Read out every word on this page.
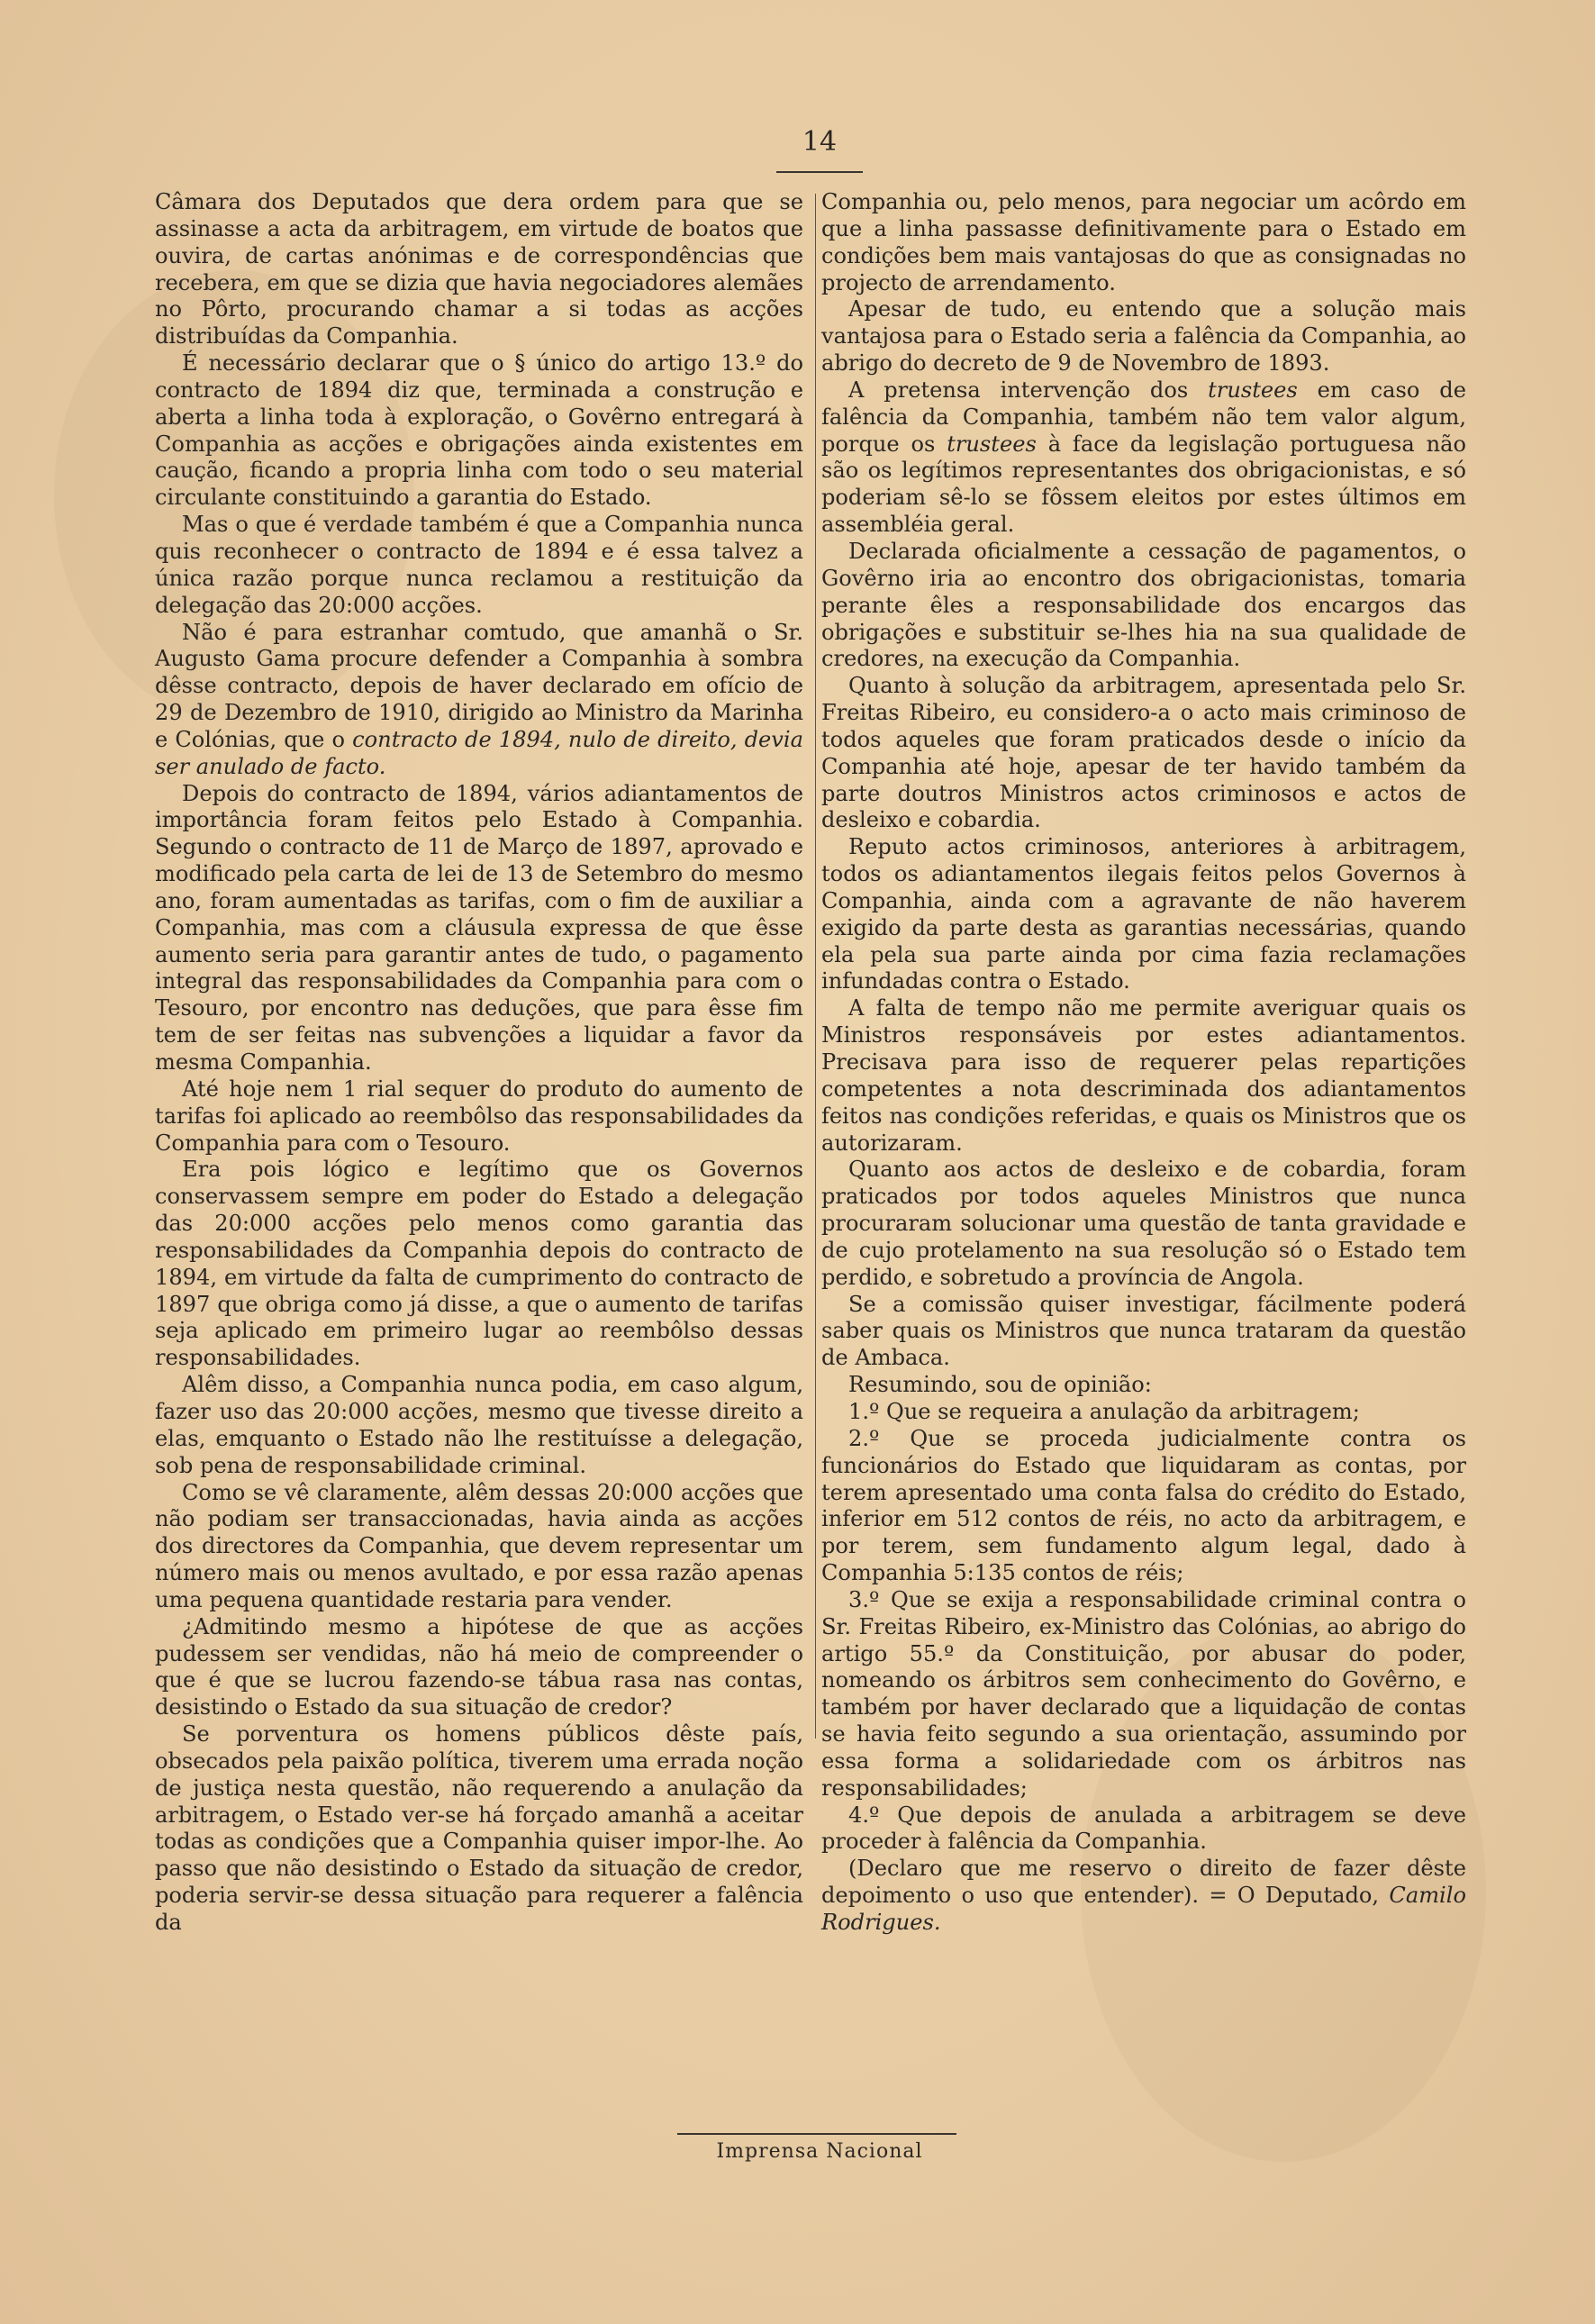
14

Câmara dos Deputados que dera ordem para que se assinasse a acta da arbitragem, em virtude de boatos que ouvira, de cartas anónimas e de correspondências que recebera, em que se dizia que havia negociadores alemães no Pôrto, procurando chamar a si todas as acções distribuídas da Companhia.

É necessário declarar que o § único do artigo 13.º do contracto de 1894 diz que, terminada a construção e aberta a linha toda à exploração, o Govêrno entregará à Companhia as acções e obrigações ainda existentes em caução, ficando a propria linha com todo o seu material circulante constituindo a garantia do Estado.

Mas o que é verdade também é que a Companhia nunca quis reconhecer o contracto de 1894 e é essa talvez a única razão porque nunca reclamou a restituição da delegação das 20:000 acções.

Não é para estranhar comtudo, que amanhã o Sr. Augusto Gama procure defender a Companhia à sombra dêsse contracto, depois de haver declarado em ofício de 29 de Dezembro de 1910, dirigido ao Ministro da Marinha e Colónias, que o contracto de 1894, nulo de direito, devia ser anulado de facto.

Depois do contracto de 1894, vários adiantamentos de importância foram feitos pelo Estado à Companhia. Segundo o contracto de 11 de Março de 1897, aprovado e modificado pela carta de lei de 13 de Setembro do mesmo ano, foram aumentadas as tarifas, com o fim de auxiliar a Companhia, mas com a cláusula expressa de que êsse aumento seria para garantir antes de tudo, o pagamento integral das responsabilidades da Companhia para com o Tesouro, por encontro nas deduções, que para êsse fim tem de ser feitas nas subvenções a liquidar a favor da mesma Companhia.

Até hoje nem 1 rial sequer do produto do aumento de tarifas foi aplicado ao reembôlso das responsabilidades da Companhia para com o Tesouro.

Era pois lógico e legítimo que os Governos conservassem sempre em poder do Estado a delegação das 20:000 acções pelo menos como garantia das responsabilidades da Companhia depois do contracto de 1894, em virtude da falta de cumprimento do contracto de 1897 que obriga como já disse, a que o aumento de tarifas seja aplicado em primeiro lugar ao reembôlso dessas responsabilidades.

Alêm disso, a Companhia nunca podia, em caso algum, fazer uso das 20:000 acções, mesmo que tivesse direito a elas, emquanto o Estado não lhe restituísse a delegação, sob pena de responsabilidade criminal.

Como se vê claramente, alêm dessas 20:000 acções que não podiam ser transaccionadas, havia ainda as acções dos directores da Companhia, que devem representar um número mais ou menos avultado, e por essa razão apenas uma pequena quantidade restaria para vender.

¿Admitindo mesmo a hipótese de que as acções pudessem ser vendidas, não há meio de compreender o que é que se lucrou fazendo-se tábua rasa nas contas, desistindo o Estado da sua situação de credor?

Se porventura os homens públicos dêste país, obsecados pela paixão política, tiverem uma errada noção de justiça nesta questão, não requerendo a anulação da arbitragem, o Estado ver-se há forçado amanhã a aceitar todas as condições que a Companhia quiser impor-lhe. Ao passo que não desistindo o Estado da situação de credor, poderia servir-se dessa situação para requerer a falência da

Companhia ou, pelo menos, para negociar um acôrdo em que a linha passasse definitivamente para o Estado em condições bem mais vantajosas do que as consignadas no projecto de arrendamento.

Apesar de tudo, eu entendo que a solução mais vantajosa para o Estado seria a falência da Companhia, ao abrigo do decreto de 9 de Novembro de 1893.

A pretensa intervenção dos trustees em caso de falência da Companhia, também não tem valor algum, porque os trustees à face da legislação portuguesa não são os legítimos representantes dos obrigacionistas, e só poderiam sê-lo se fôssem eleitos por estes últimos em assembléia geral.

Declarada oficialmente a cessação de pagamentos, o Govêrno iria ao encontro dos obrigacionistas, tomaria perante êles a responsabilidade dos encargos das obrigações e substituir se-lhes hia na sua qualidade de credores, na execução da Companhia.

Quanto à solução da arbitragem, apresentada pelo Sr. Freitas Ribeiro, eu considero-a o acto mais criminoso de todos aqueles que foram praticados desde o início da Companhia até hoje, apesar de ter havido também da parte doutros Ministros actos criminosos e actos de desleixo e cobardia.

Reputo actos criminosos, anteriores à arbitragem, todos os adiantamentos ilegais feitos pelos Governos à Companhia, ainda com a agravante de não haverem exigido da parte desta as garantias necessárias, quando ela pela sua parte ainda por cima fazia reclamações infundadas contra o Estado.

A falta de tempo não me permite averiguar quais os Ministros responsáveis por estes adiantamentos. Precisava para isso de requerer pelas repartições competentes a nota descriminada dos adiantamentos feitos nas condições referidas, e quais os Ministros que os autorizaram.

Quanto aos actos de desleixo e de cobardia, foram praticados por todos aqueles Ministros que nunca procuraram solucionar uma questão de tanta gravidade e de cujo protelamento na sua resolução só o Estado tem perdido, e sobretudo a província de Angola.

Se a comissão quiser investigar, fácilmente poderá saber quais os Ministros que nunca trataram da questão de Ambaca.

Resumindo, sou de opinião:

1.º Que se requeira a anulação da arbitragem;

2.º Que se proceda judicialmente contra os funcionários do Estado que liquidaram as contas, por terem apresentado uma conta falsa do crédito do Estado, inferior em 512 contos de réis, no acto da arbitragem, e por terem, sem fundamento algum legal, dado à Companhia 5:135 contos de réis;

3.º Que se exija a responsabilidade criminal contra o Sr. Freitas Ribeiro, ex-Ministro das Colónias, ao abrigo do artigo 55.º da Constituição, por abusar do poder, nomeando os árbitros sem conhecimento do Govêrno, e também por haver declarado que a liquidação de contas se havia feito segundo a sua orientação, assumindo por essa forma a solidariedade com os árbitros nas responsabilidades;

4.º Que depois de anulada a arbitragem se deve proceder à falência da Companhia.

(Declaro que me reservo o direito de fazer dêste depoimento o uso que entender). = O Deputado, Camilo Rodrigues.

Imprensa Nacional
